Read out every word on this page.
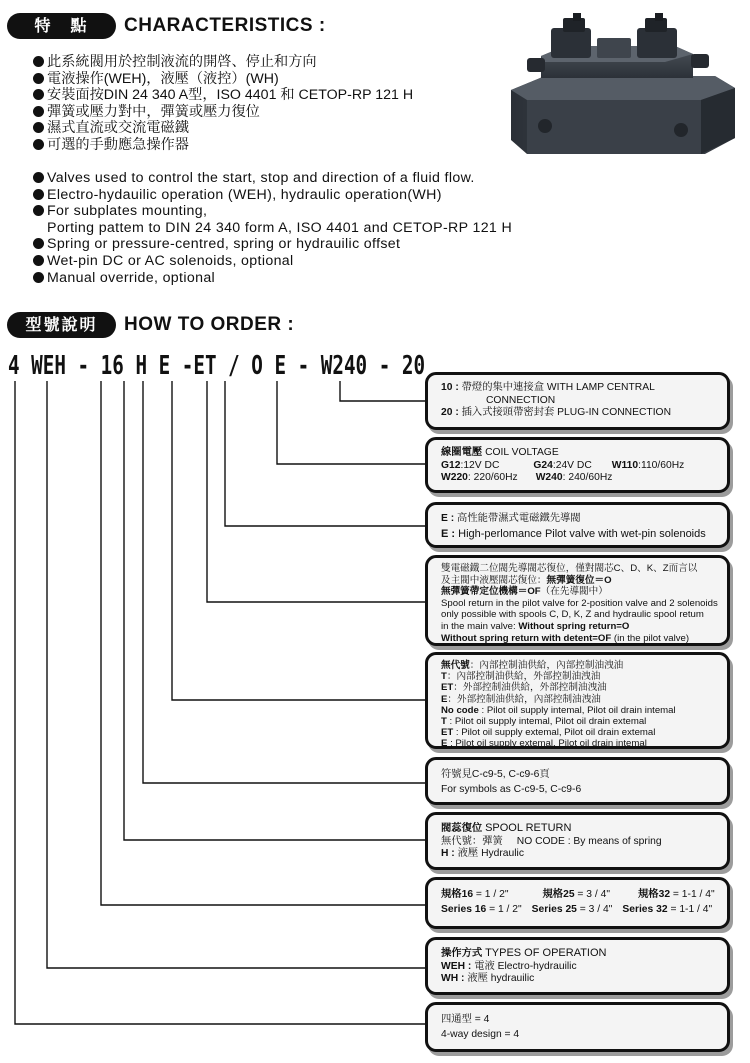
特　點	CHARACTERISTICS :
此系統閥用於控制液流的開啓、停止和方向
電液操作(WEH)，液壓（液控）(WH)
安裝面按DIN 24 340 A型，ISO 4401 和 CETOP-RP 121 H
彈簧或壓力對中，彈簧或壓力復位
濕式直流或交流電磁鐵
可選的手動應急操作器
Valves used to control the start, stop and direction of a fluid flow.
Electro-hydauilic operation (WEH), hydraulic operation(WH)
For subplates mounting,
Porting pattem to DIN 24 340 form A, ISO 4401 and CETOP-RP 121 H
Spring or pressure-centred, spring or hydrauilic offset
Wet-pin DC or AC solenoids, optional
Manual override, optional
型號說明	HOW TO ORDER :
4 WEH - 16 H E -ET / O E - W240 - 20
10 : 帶燈的集中連接盒 WITH LAMP CENTRAL
CONNECTION
20 : 插入式接頭帶密封套 PLUG-IN CONNECTION
線圈電壓 COIL VOLTAGE
G12:12V DC	G24:24V DC W110:110/60Hz
W220: 220/60Hz W240: 240/60Hz
E : 高性能帶濕式電磁鐵先導閥
E : High-perlomance Pilot valve with wet-pin solenoids
雙電磁鐵二位閥先導閥芯復位，僅對閥芯C、D、K、Z而言以
及主閥中液壓閥芯復位：無彈簧復位＝O
無彈簧帶定位機構＝OF（在先導閥中）
Spool return in the pilot valve for 2-position valve and 2 solenoids
only possible with spools C, D, K, Z and hydraulic spool retum
in the main valve: Without spring return=O
Without spring return with detent=OF (in the pilot valve)
無代號：內部控制油供給，內部控制油洩油
T：內部控制油供給，外部控制油洩油
ET：外部控制油供給，外部控制油洩油
E：外部控制油供給，內部控制油洩油
No code : Pilot oil supply intemal, Pilot oil drain intemal
T : Pilot oil supply intemal, Pilot oil drain extemal
ET : Pilot oil supply extemal, Pilot oil drain extemal
E : Pilot oil supply extemal, Pilot oil drain intemal
符號見C-c9-5, C-c9-6頁
For symbols as C-c9-5, C-c9-6
閥蕊復位 SPOOL RETURN
無代號：彈簧 NO CODE : By means of spring
H : 液壓 Hydraulic
規格16 = 1 / 2"	規格25 = 3 / 4"	規格32 = 1-1 / 4"
Series 16 = 1 / 2" Series 25 = 3 / 4" Series 32 = 1-1 / 4"
操作方式 TYPES OF OPERATION
WEH : 電液 Electro-hydrauilic
WH : 液壓 hydrauilic
四通型 = 4
4-way design = 4
